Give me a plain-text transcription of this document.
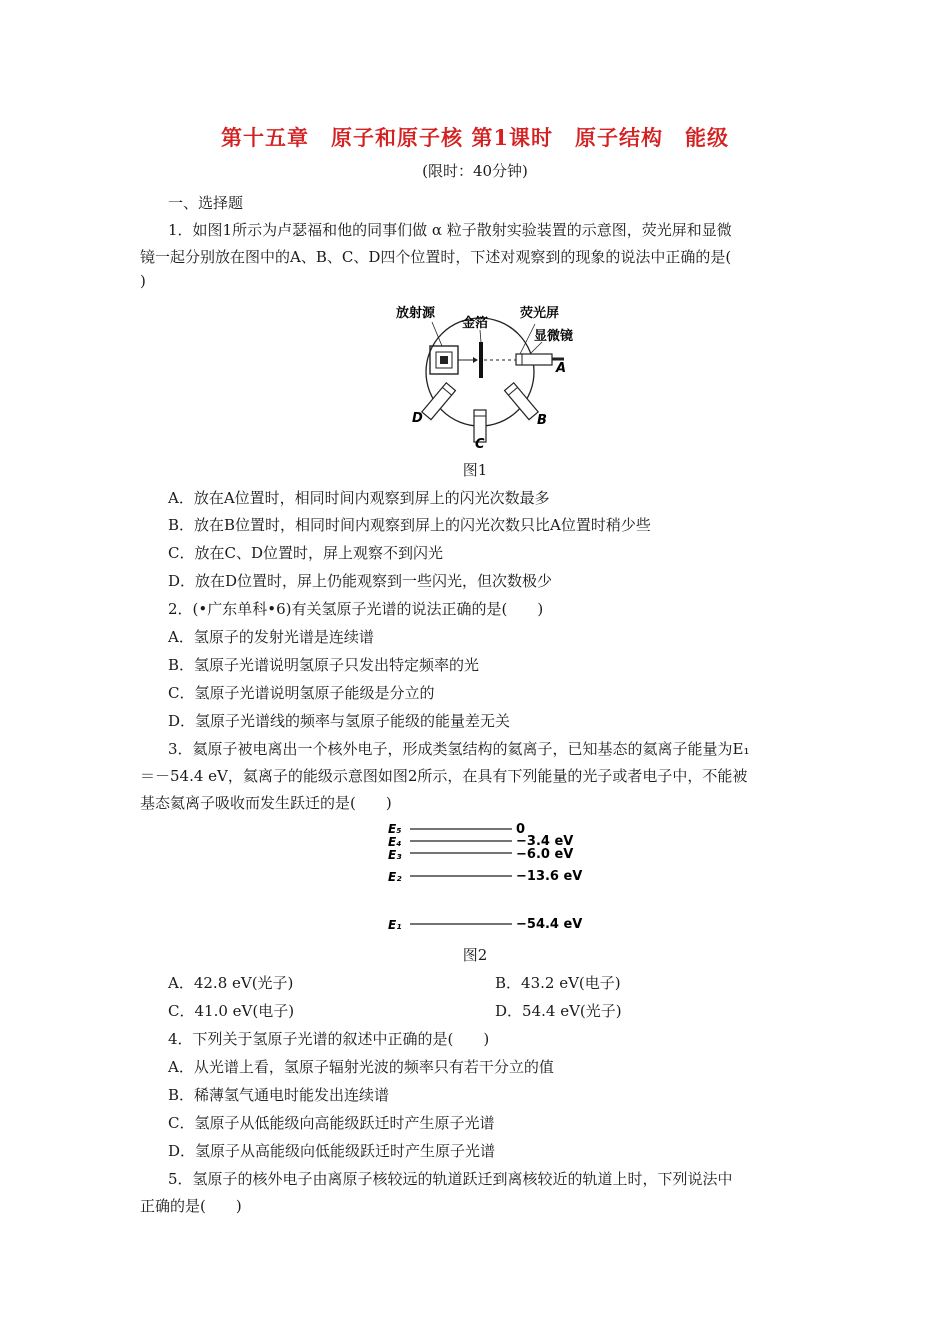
第十五章　原子和原子核 第1课时　原子结构　能级
(限时：40分钟)
一、选择题
1．如图1所示为卢瑟福和他的同事们做 α 粒子散射实验装置的示意图，荧光屏和显微
镜一起分别放在图中的A、B、C、D四个位置时，下述对观察到的现象的说法中正确的是(
)
放射源
金箔
荧光屏
显微镜
A
B
C
D
图1
A．放在A位置时，相同时间内观察到屏上的闪光次数最多
B．放在B位置时，相同时间内观察到屏上的闪光次数只比A位置时稍少些
C．放在C、D位置时，屏上观察不到闪光
D．放在D位置时，屏上仍能观察到一些闪光，但次数极少
2．(•广东单科•6)有关氢原子光谱的说法正确的是(　　)
A．氢原子的发射光谱是连续谱
B．氢原子光谱说明氢原子只发出特定频率的光
C．氢原子光谱说明氢原子能级是分立的
D．氢原子光谱线的频率与氢原子能级的能量差无关
3．氦原子被电离出一个核外电子，形成类氢结构的氦离子，已知基态的氦离子能量为E₁
＝－54.4 eV，氦离子的能级示意图如图2所示，在具有下列能量的光子或者电子中，不能被
基态氦离子吸收而发生跃迁的是(　　)
E₅
E₄
E₃
E₂
E₁
0
−3.4 eV
−6.0 eV
−13.6 eV
−54.4 eV
图2
A．42.8 eV(光子)	B．43.2 eV(电子)
C．41.0 eV(电子)	D．54.4 eV(光子)
4．下列关于氢原子光谱的叙述中正确的是(　　)
A．从光谱上看，氢原子辐射光波的频率只有若干分立的值
B．稀薄氢气通电时能发出连续谱
C．氢原子从低能级向高能级跃迁时产生原子光谱
D．氢原子从高能级向低能级跃迁时产生原子光谱
5．氢原子的核外电子由离原子核较远的轨道跃迁到离核较近的轨道上时，下列说法中
正确的是(　　)
